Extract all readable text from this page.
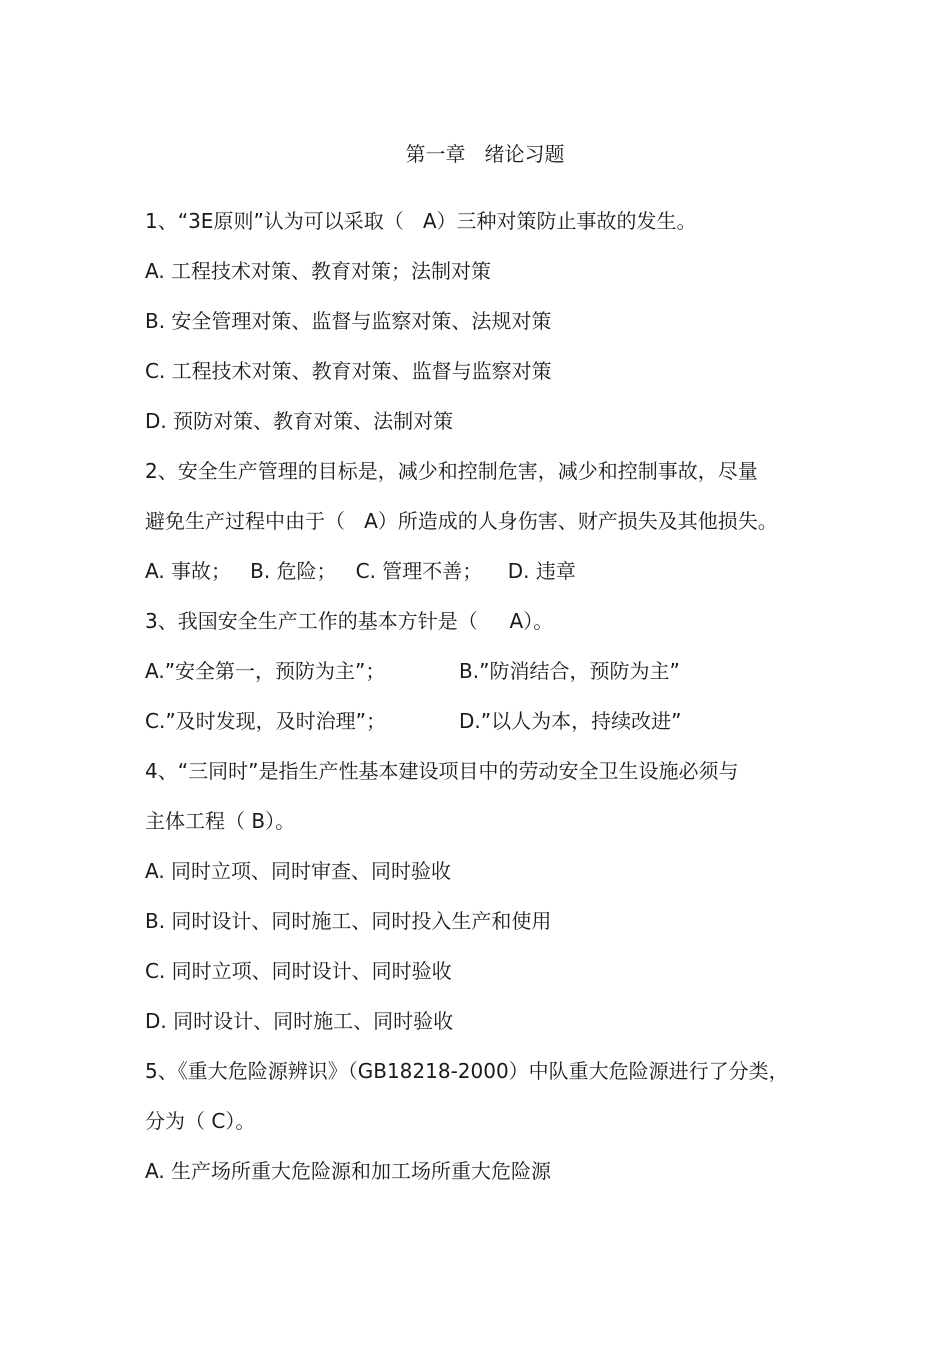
第一章   绪论习题
1、“3E原则”认为可以采取（   A）三种对策防止事故的发生。
A. 工程技术对策、教育对策；法制对策
B. 安全管理对策、监督与监察对策、法规对策
C. 工程技术对策、教育对策、监督与监察对策
D. 预防对策、教育对策、法制对策
2、安全生产管理的目标是，减少和控制危害，减少和控制事故，尽量
避免生产过程中由于（   A）所造成的人身伤害、财产损失及其他损失。
A. 事故；   B. 危险；   C. 管理不善；    D. 违章
3、我国安全生产工作的基本方针是（     A）。
A.”安全第一，预防为主”；	B.”防消结合，预防为主”
C.”及时发现，及时治理”；	D.”以人为本，持续改进”
4、“三同时”是指生产性基本建设项目中的劳动安全卫生设施必须与
主体工程（ B）。
A. 同时立项、同时审查、同时验收
B. 同时设计、同时施工、同时投入生产和使用
C. 同时立项、同时设计、同时验收
D. 同时设计、同时施工、同时验收
5、《重大危险源辨识》（GB18218-2000）中队重大危险源进行了分类，
分为（ C）。
A. 生产场所重大危险源和加工场所重大危险源
